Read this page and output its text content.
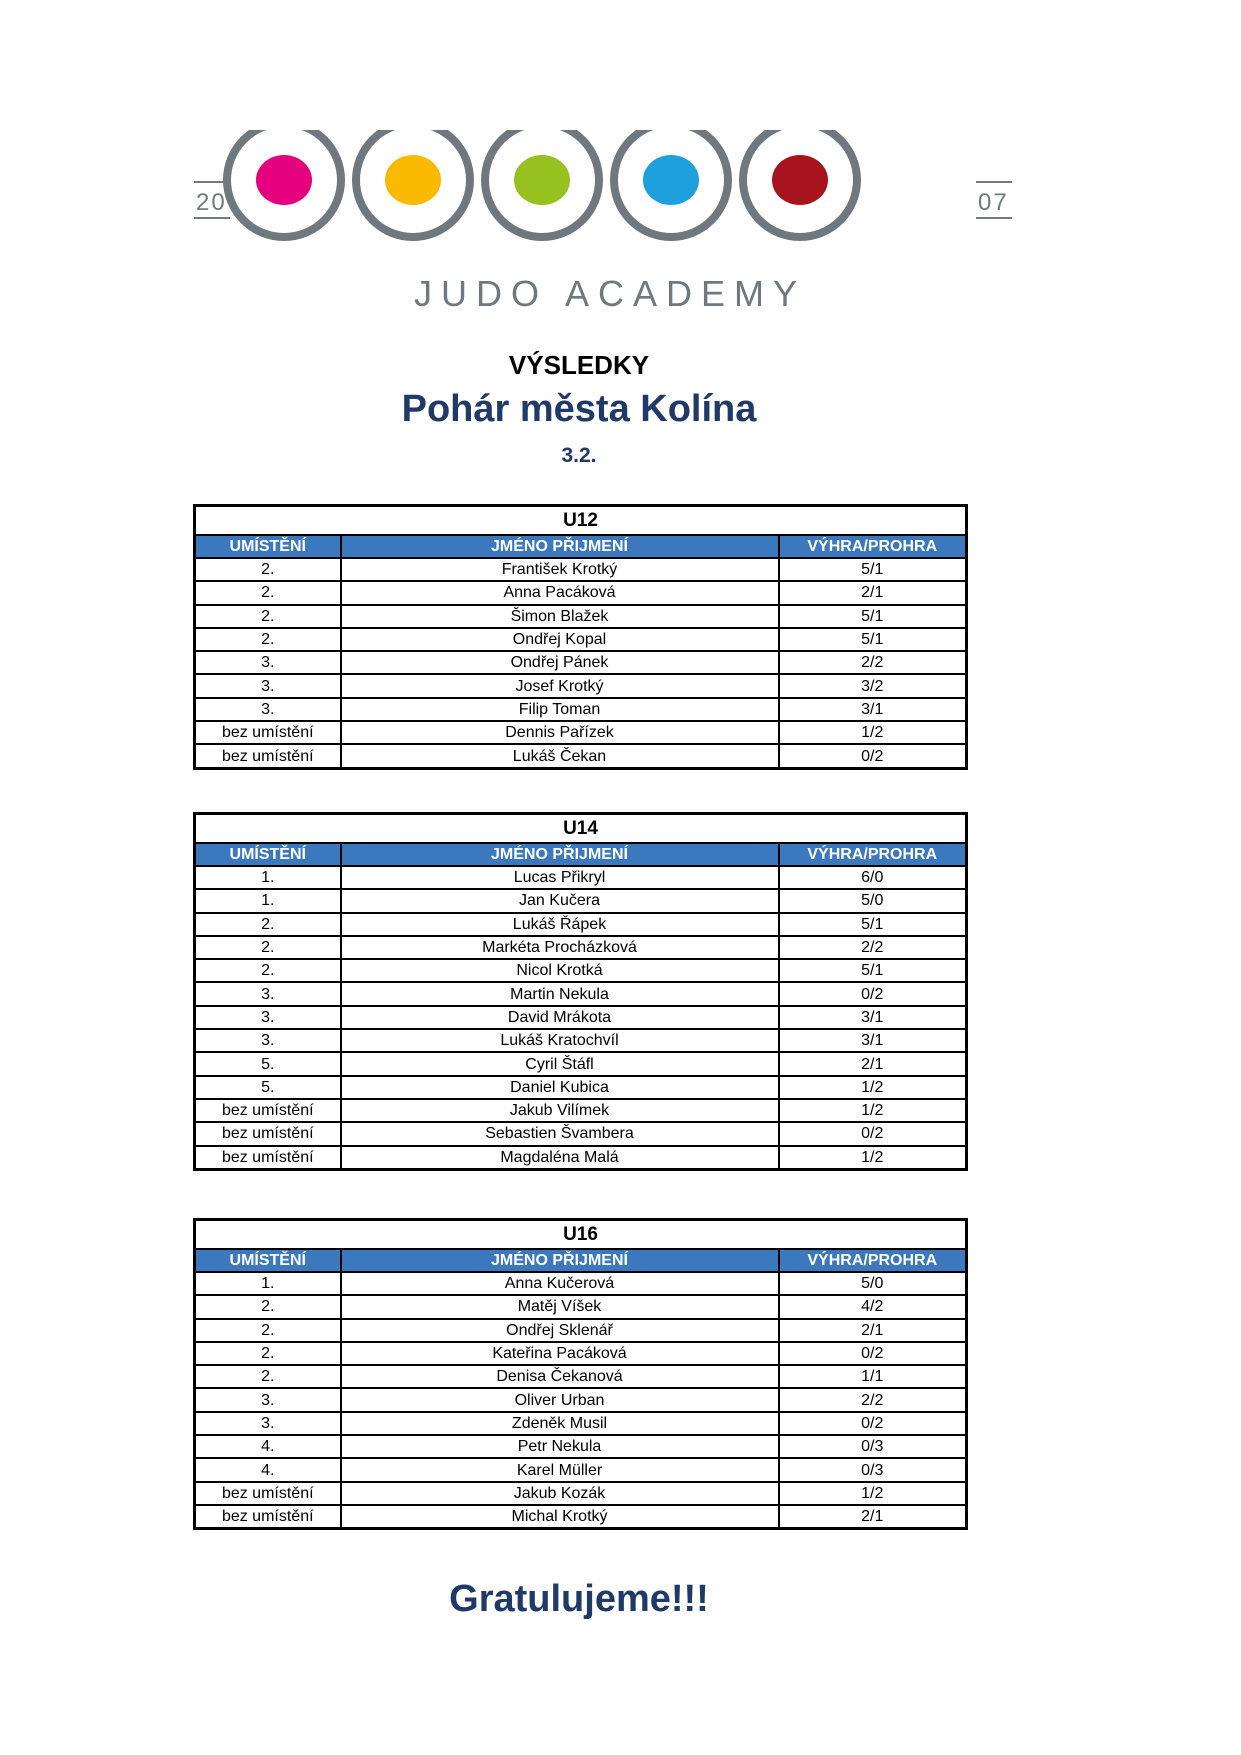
20	07
JUDO ACADEMY
VÝSLEDKY
Pohár města Kolína
3.2.
U12		
UMÍSTĚNÍ	JMÉNO PŘIJMENÍ	VÝHRA/PROHRA
2.	František Krotký	5/1
2.	Anna Pacáková	2/1
2.	Šimon Blažek	5/1
2.	Ondřej Kopal	5/1
3.	Ondřej Pánek	2/2
3.	Josef Krotký	3/2
3.	Filip Toman	3/1
bez umístění	Dennis Pařízek	1/2
bez umístění	Lukáš Čekan	0/2
U14		
UMÍSTĚNÍ	JMÉNO PŘIJMENÍ	VÝHRA/PROHRA
1.	Lucas Přikryl	6/0
1.	Jan Kučera	5/0
2.	Lukáš Řápek	5/1
2.	Markéta Procházková	2/2
2.	Nicol Krotká	5/1
3.	Martin Nekula	0/2
3.	David Mrákota	3/1
3.	Lukáš Kratochvíl	3/1
5.	Cyril Štáfl	2/1
5.	Daniel Kubica	1/2
bez umístění	Jakub Vilímek	1/2
bez umístění	Sebastien Švambera	0/2
bez umístění	Magdaléna Malá	1/2
U16		
UMÍSTĚNÍ	JMÉNO PŘIJMENÍ	VÝHRA/PROHRA
1.	Anna Kučerová	5/0
2.	Matěj Víšek	4/2
2.	Ondřej Sklenář	2/1
2.	Kateřina Pacáková	0/2
2.	Denisa Čekanová	1/1
3.	Oliver Urban	2/2
3.	Zdeněk Musil	0/2
4.	Petr Nekula	0/3
4.	Karel Müller	0/3
bez umístění	Jakub Kozák	1/2
bez umístění	Michal Krotký	2/1
Gratulujeme!!!
